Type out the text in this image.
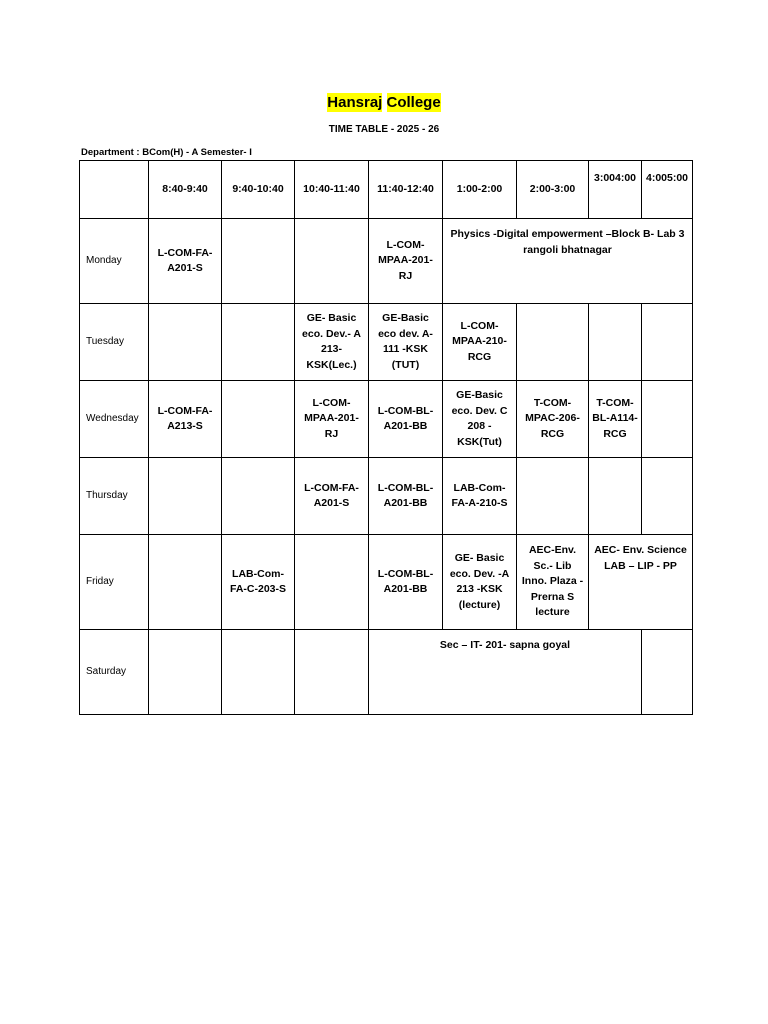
Hansraj College
TIME TABLE - 2025 - 26
Department : BCom(H) - A Semester- I
	8:40-9:40	9:40-10:40	10:40-11:40	11:40-12:40	1:00-2:00	2:00-3:00	3:004:00	4:005:00
Monday	L-COM-FA-A201-S			L-COM-MPAA-201-RJ	Physics -Digital empowerment –Block B- Lab 3 rangoli bhatnagar			
Tuesday			GE- Basic eco. Dev.- A 213-KSK(Lec.)	GE-Basic eco dev. A-111 -KSK (TUT)	L-COM-MPAA-210-RCG			
Wednesday	L-COM-FA-A213-S		L-COM-MPAA-201-RJ	L-COM-BL-A201-BB	GE-Basic eco. Dev. C 208 - KSK(Tut)	T-COM-MPAC-206-RCG	T-COM-BL-A114-RCG	
Thursday			L-COM-FA-A201-S	L-COM-BL-A201-BB	LAB-Com-FA-A-210-S			
Friday		LAB-Com-FA-C-203-S		L-COM-BL-A201-BB	GE- Basic eco. Dev. -A 213 -KSK (lecture)	AEC-Env. Sc.- Lib Inno. Plaza -Prerna S lecture	AEC- Env. Science LAB – LIP - PP	
Saturday				Sec – IT- 201- sapna goyal				
